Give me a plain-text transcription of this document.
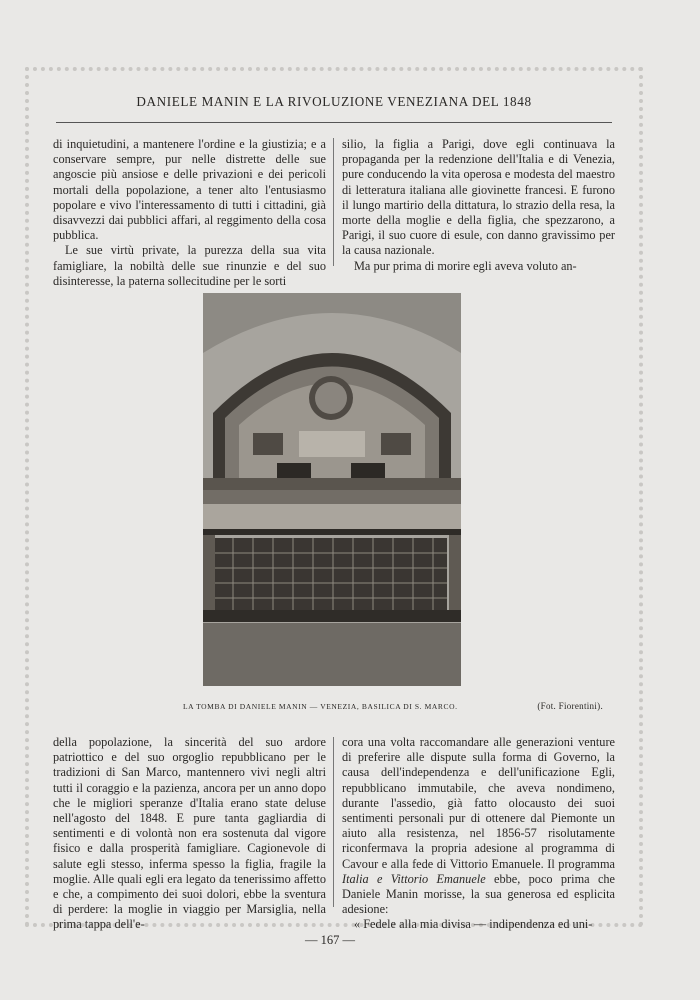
DANIELE MANIN E LA RIVOLUZIONE VENEZIANA DEL 1848

di inquietudini, a mantenere l'ordine e la giustizia; e a conservare sempre, pur nelle distrette delle sue angoscie più ansiose e delle privazioni e dei pericoli mortali della popolazione, a tener alto l'entusiasmo popolare e vivo l'interessamento di tutti i cittadini, già disavvezzi dai pubblici affari, al reggimento della cosa pubblica.

Le sue virtù private, la purezza della sua vita famigliare, la nobiltà delle sue rinunzie e del suo disinteresse, la paterna sollecitudine per le sorti

silio, la figlia a Parigi, dove egli continuava la propaganda per la redenzione dell'Italia e di Venezia, pure conducendo la vita operosa e modesta del maestro di letteratura italiana alle giovinette francesi. E furono il lungo martirio della dittatura, lo strazio della resa, la morte della moglie e della figlia, che spezzarono, a Parigi, il suo cuore di esule, con danno gravissimo per la causa nazionale.

Ma pur prima di morire egli aveva voluto an-

LA TOMBA DI DANIELE MANIN — VENEZIA, BASILICA DI S. MARCO.	(Fot. Fiorentini).

della popolazione, la sincerità del suo ardore patriottico e del suo orgoglio repubblicano per le tradizioni di San Marco, mantennero vivi negli altri tutti il coraggio e la pazienza, ancora per un anno dopo che le migliori speranze d'Italia erano state deluse nell'agosto del 1848. E pure tanta gagliardia di sentimenti e di volontà non era sostenuta dal vigore fisico e dalla prosperità famigliare. Cagionevole di salute egli stesso, inferma spesso la figlia, fragile la moglie. Alle quali egli era legato da tenerissimo affetto e che, a compimento dei suoi dolori, ebbe la sventura di perdere: la moglie in viaggio per Marsiglia, nella prima tappa dell'e-

cora una volta raccomandare alle generazioni venture di preferire alle dispute sulla forma di Governo, la causa dell'independenza e dell'unificazione Egli, repubblicano immutabile, che aveva nondimeno, durante l'assedio, già fatto olocausto dei suoi sentimenti personali pur di ottenere dal Piemonte un aiuto alla resistenza, nel 1856-57 risolutamente riconfermava la propria adesione al programma di Cavour e alla fede di Vittorio Emanuele. Il programma Italia e Vittorio Emanuele ebbe, poco prima che Daniele Manin morisse, la sua generosa ed esplicita adesione:

« Fedele alla mia divisa — indipendenza ed uni-

— 167 —
